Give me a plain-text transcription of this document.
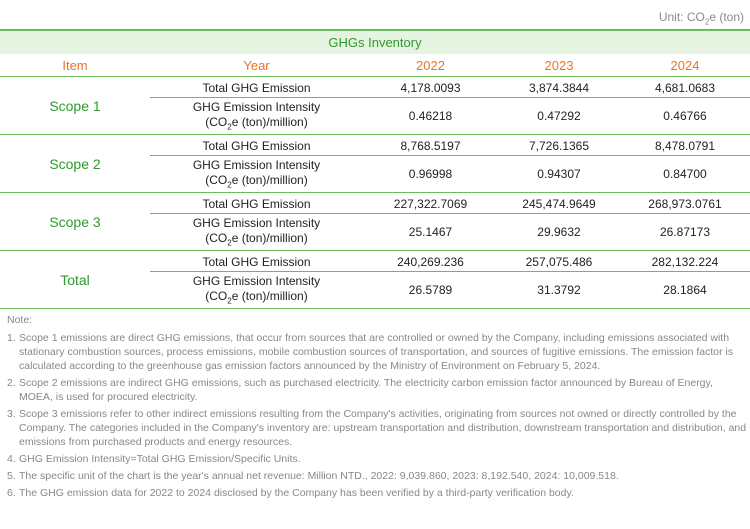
Unit: $CO_2e$ (ton)
GHGs Inventory
Item	Year	2022	2023	2024
Scope 1
Total GHG Emission	4,178.0093	3,874.3844	4,681.0683
GHG Emission Intensity
($CO_2e$ (ton)/million)	0.46218	0.47292	0.46766
Scope 2
Total GHG Emission	8,768.5197	7,726.1365	8,478.0791
GHG Emission Intensity
($CO_2e$ (ton)/million)	0.96998	0.94307	0.84700
Scope 3
Total GHG Emission	227,322.7069	245,474.9649	268,973.0761
GHG Emission Intensity
($CO_2e$ (ton)/million)	25.1467	29.9632	26.87173
Total
Total GHG Emission	240,269.236	257,075.486	282,132.224
GHG Emission Intensity
($CO_2e$ (ton)/million)	26.5789	31.3792	28.1864
Note:
1. Scope 1 emissions are direct GHG emissions, that occur from sources that are controlled or owned by the Company, including emissions associated with stationary combustion sources, process emissions, mobile combustion sources of transportation, and sources of fugitive emissions. The emission factor is calculated according to the greenhouse gas emission factors announced by the Ministry of Environment on February 5, 2024.
2. Scope 2 emissions are indirect GHG emissions, such as purchased electricity. The electricity carbon emission factor announced by Bureau of Energy, MOEA, is used for procured electricity.
3. Scope 3 emissions refer to other indirect emissions resulting from the Company's activities, originating from sources not owned or directly controlled by the Company. The categories included in the Company's inventory are: upstream transportation and distribution, downstream transportation and distribution, and emissions from purchased products and energy resources.
4. GHG Emission Intensity=Total GHG Emission/Specific Units.
5. The specific unit of the chart is the year's annual net revenue: Million NTD., 2022: 9,039.860, 2023: 8,192.540, 2024: 10,009.518.
6. The GHG emission data for 2022 to 2024 disclosed by the Company has been verified by a third-party verification body.
